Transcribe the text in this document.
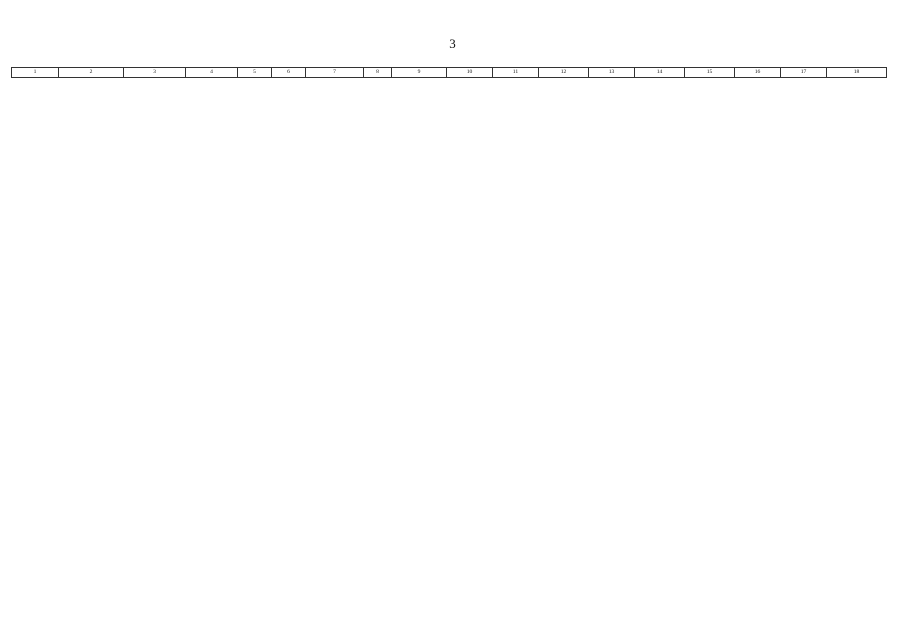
3
1	2	3	4	5	6	7	8	9	10	11	12	13	14	15	16	17	18
